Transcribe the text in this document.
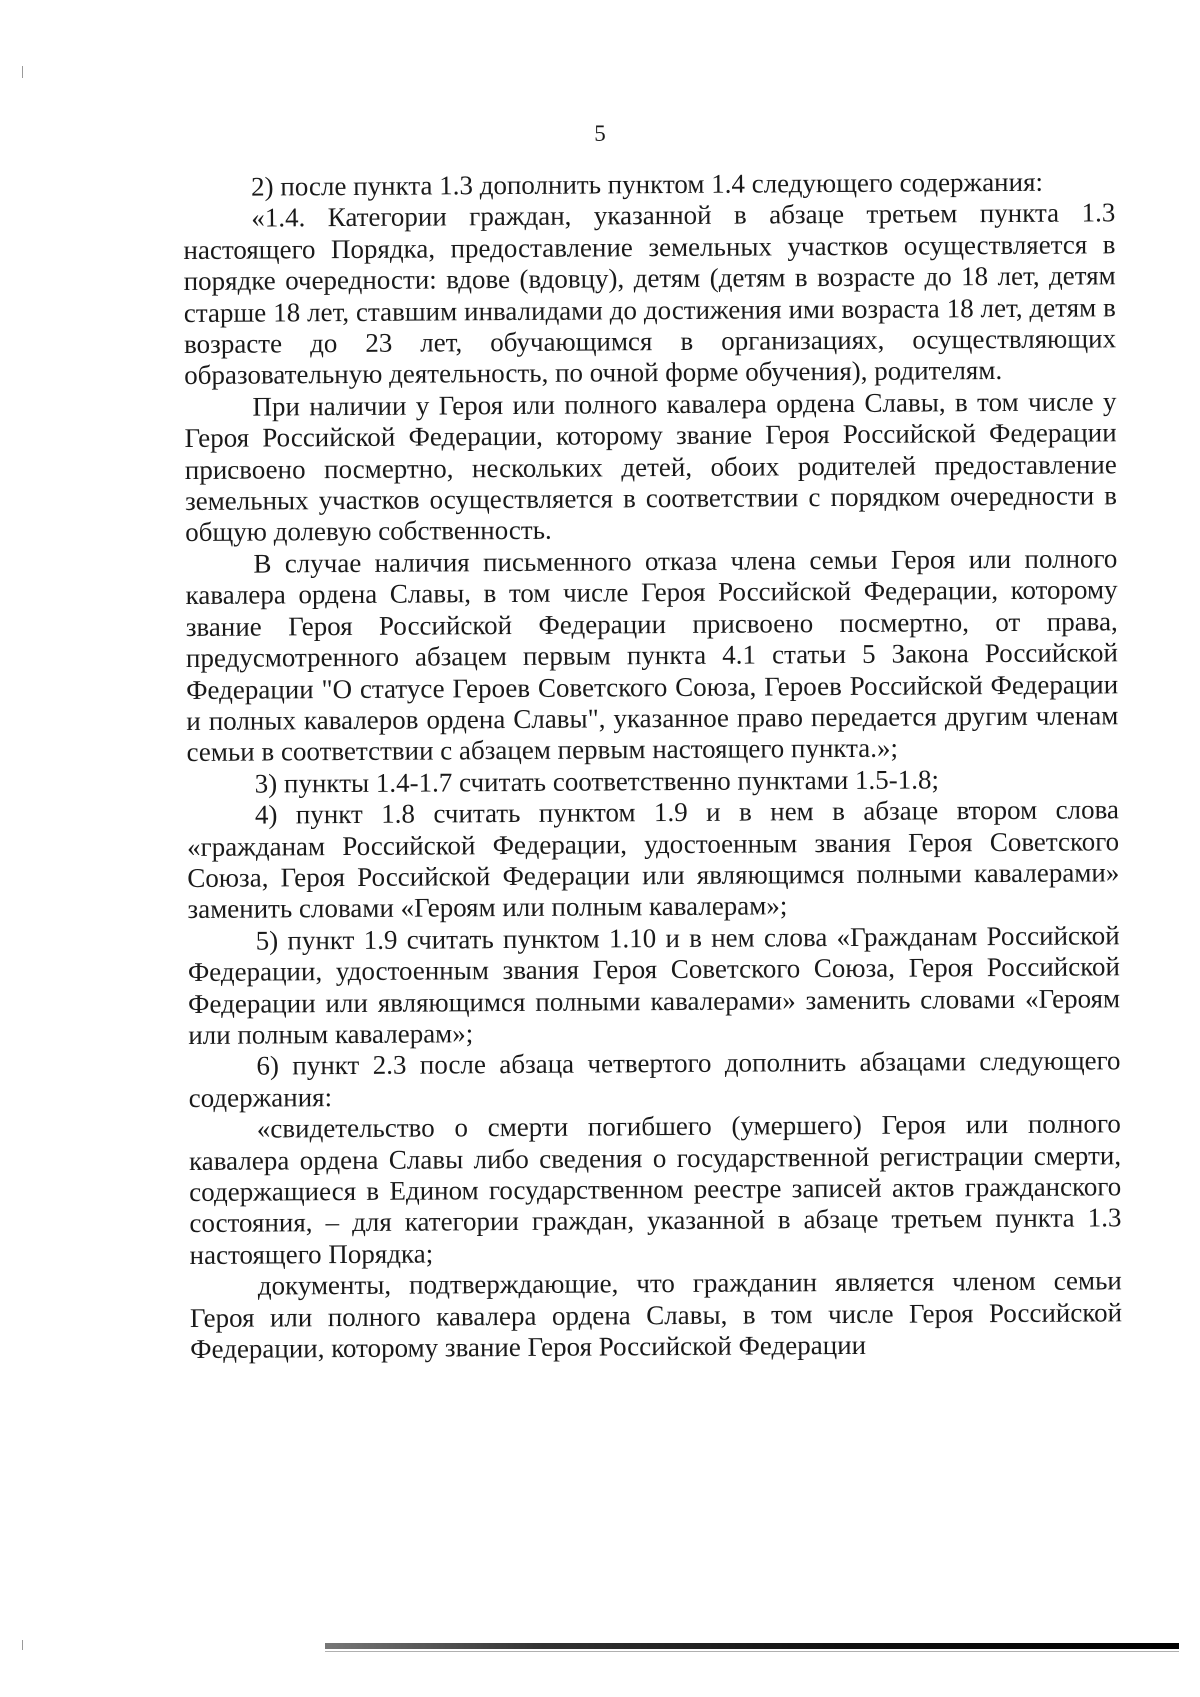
5

2) после пункта 1.3 дополнить пунктом 1.4 следующего содержания:

«1.4. Категории граждан, указанной в абзаце третьем пункта 1.3 настоящего Порядка, предоставление земельных участков осуществляется в порядке очередности: вдове (вдовцу), детям (детям в возрасте до 18 лет, детям старше 18 лет, ставшим инвалидами до достижения ими возраста 18 лет, детям в возрасте до 23 лет, обучающимся в организациях, осуществляющих образовательную деятельность, по очной форме обучения), родителям.

При наличии у Героя или полного кавалера ордена Славы, в том числе у Героя Российской Федерации, которому звание Героя Российской Федерации присвоено посмертно, нескольких детей, обоих родителей предоставление земельных участков осуществляется в соответствии с порядком очередности в общую долевую собственность.

В случае наличия письменного отказа члена семьи Героя или полного кавалера ордена Славы, в том числе Героя Российской Федерации, которому звание Героя Российской Федерации присвоено посмертно, от права, предусмотренного абзацем первым пункта 4.1 статьи 5 Закона Российской Федерации "О статусе Героев Советского Союза, Героев Российской Федерации и полных кавалеров ордена Славы", указанное право передается другим членам семьи в соответствии с абзацем первым настоящего пункта.»;

3) пункты 1.4-1.7 считать соответственно пунктами 1.5-1.8;

4) пункт 1.8 считать пунктом 1.9 и в нем в абзаце втором слова «гражданам Российской Федерации, удостоенным звания Героя Советского Союза, Героя Российской Федерации или являющимся полными кавалерами» заменить словами «Героям или полным кавалерам»;

5) пункт 1.9 считать пунктом 1.10 и в нем слова «Гражданам Российской Федерации, удостоенным звания Героя Советского Союза, Героя Российской Федерации или являющимся полными кавалерами» заменить словами «Героям или полным кавалерам»;

6) пункт 2.3 после абзаца четвертого дополнить абзацами следующего содержания:

«свидетельство о смерти погибшего (умершего) Героя или полного кавалера ордена Славы либо сведения о государственной регистрации смерти, содержащиеся в Едином государственном реестре записей актов гражданского состояния, – для категории граждан, указанной в абзаце третьем пункта 1.3 настоящего Порядка;

документы, подтверждающие, что гражданин является членом семьи Героя или полного кавалера ордена Славы, в том числе Героя Российской Федерации, которому звание Героя Российской Федерации
